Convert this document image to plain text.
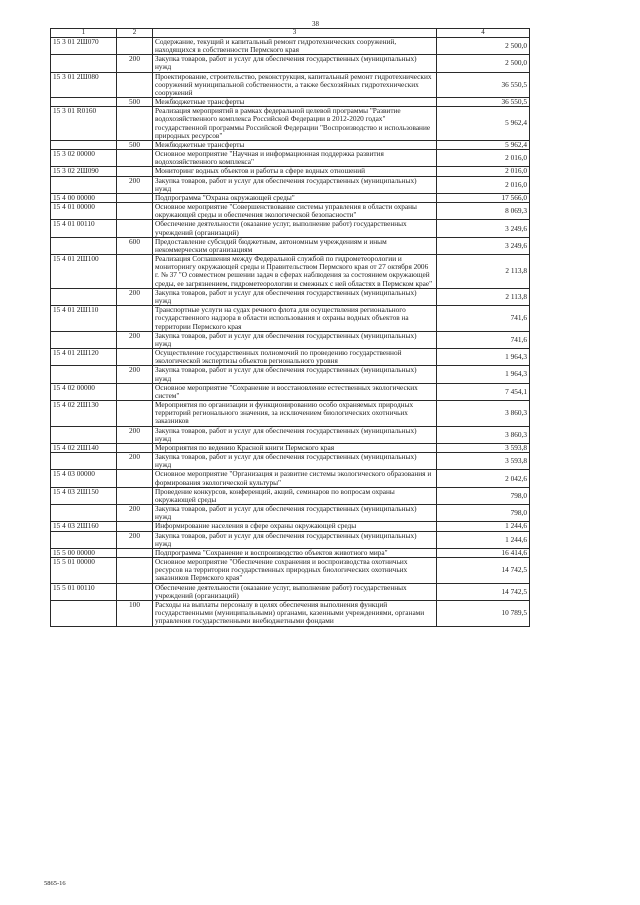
38
1	2	3	4
15 3 01 2Ш070		Содержание, текущий и капитальный ремонт гидротехнических сооружений, находящихся в собственности Пермского края	2 500,0
	200	Закупка товаров, работ и услуг для обеспечения государственных (муниципальных) нужд	2 500,0
15 3 01 2Ш080		Проектирование, строительство, реконструкция, капитальный ремонт гидротехнических сооружений муниципальной собственности, а также бесхозяйных гидротехнических сооружений	36 550,5
	500	Межбюджетные трансферты	36 550,5
15 3 01 R0160		Реализация мероприятий в рамках федеральной целевой программы "Развитие водохозяйственного комплекса Российской Федерации в 2012-2020 годах" государственной программы Российской Федерации "Воспроизводство и использование природных ресурсов"	5 962,4
	500	Межбюджетные трансферты	5 962,4
15 3 02 00000		Основное мероприятие "Научная и информационная поддержка развития водохозяйственного комплекса"	2 016,0
15 3 02 2Ш090		Мониторинг водных объектов и работы в сфере водных отношений	2 016,0
	200	Закупка товаров, работ и услуг для обеспечения государственных (муниципальных) нужд	2 016,0
15 4 00 00000		Подпрограмма "Охрана окружающей среды"	17 566,0
15 4 01 00000		Основное мероприятие "Совершенствование системы управления в области охраны окружающей среды и обеспечения экологической безопасности"	8 069,3
15 4 01 00110		Обеспечение деятельности (оказание услуг, выполнение работ) государственных учреждений (организаций)	3 249,6
	600	Предоставление субсидий бюджетным, автономным учреждениям и иным некоммерческим организациям	3 249,6
15 4 01 2Ш100		Реализация Соглашения между Федеральной службой по гидрометеорологии и мониторингу окружающей среды и Правительством Пермского края от 27 октября 2006 г. № 37 "О совместном решении задач в сферах наблюдения за состоянием окружающей среды, ее загрязнением, гидрометеорологии и смежных с ней областях в Пермском крае"	2 113,8
	200	Закупка товаров, работ и услуг для обеспечения государственных (муниципальных) нужд	2 113,8
15 4 01 2Ш110		Транспортные услуги на судах речного флота для осуществления регионального государственного надзора в области использования и охраны водных объектов на территории Пермского края	741,6
	200	Закупка товаров, работ и услуг для обеспечения государственных (муниципальных) нужд	741,6
15 4 01 2Ш120		Осуществление государственных полномочий по проведению государственной экологической экспертизы объектов регионального уровня	1 964,3
	200	Закупка товаров, работ и услуг для обеспечения государственных (муниципальных) нужд	1 964,3
15 4 02 00000		Основное мероприятие "Сохранение и восстановление естественных экологических систем"	7 454,1
15 4 02 2Ш130		Мероприятия по организации и функционированию особо охраняемых природных территорий регионального значения, за исключением биологических охотничьих заказников	3 860,3
	200	Закупка товаров, работ и услуг для обеспечения государственных (муниципальных) нужд	3 860,3
15 4 02 2Ш140		Мероприятия по ведению Красной книги Пермского края	3 593,8
	200	Закупка товаров, работ и услуг для обеспечения государственных (муниципальных) нужд	3 593,8
15 4 03 00000		Основное мероприятие "Организация и развитие системы экологического образования и формирования экологической культуры"	2 042,6
15 4 03 2Ш150		Проведение конкурсов, конференций, акций, семинаров по вопросам охраны окружающей среды	798,0
	200	Закупка товаров, работ и услуг для обеспечения государственных (муниципальных) нужд	798,0
15 4 03 2Ш160		Информирование населения в сфере охраны окружающей среды	1 244,6
	200	Закупка товаров, работ и услуг для обеспечения государственных (муниципальных) нужд	1 244,6
15 5 00 00000		Подпрограмма "Сохранение и воспроизводство объектов животного мира"	16 414,6
15 5 01 00000		Основное мероприятие "Обеспечение сохранения и воспроизводства охотничьих ресурсов на территории государственных природных биологических охотничьих заказников Пермского края"	14 742,5
15 5 01 00110		Обеспечение деятельности (оказание услуг, выполнение работ) государственных учреждений (организаций)	14 742,5
	100	Расходы на выплаты персоналу в целях обеспечения выполнения функций государственными (муниципальными) органами, казенными учреждениями, органами управления государственными внебюджетными фондами	10 789,5
5865-16
